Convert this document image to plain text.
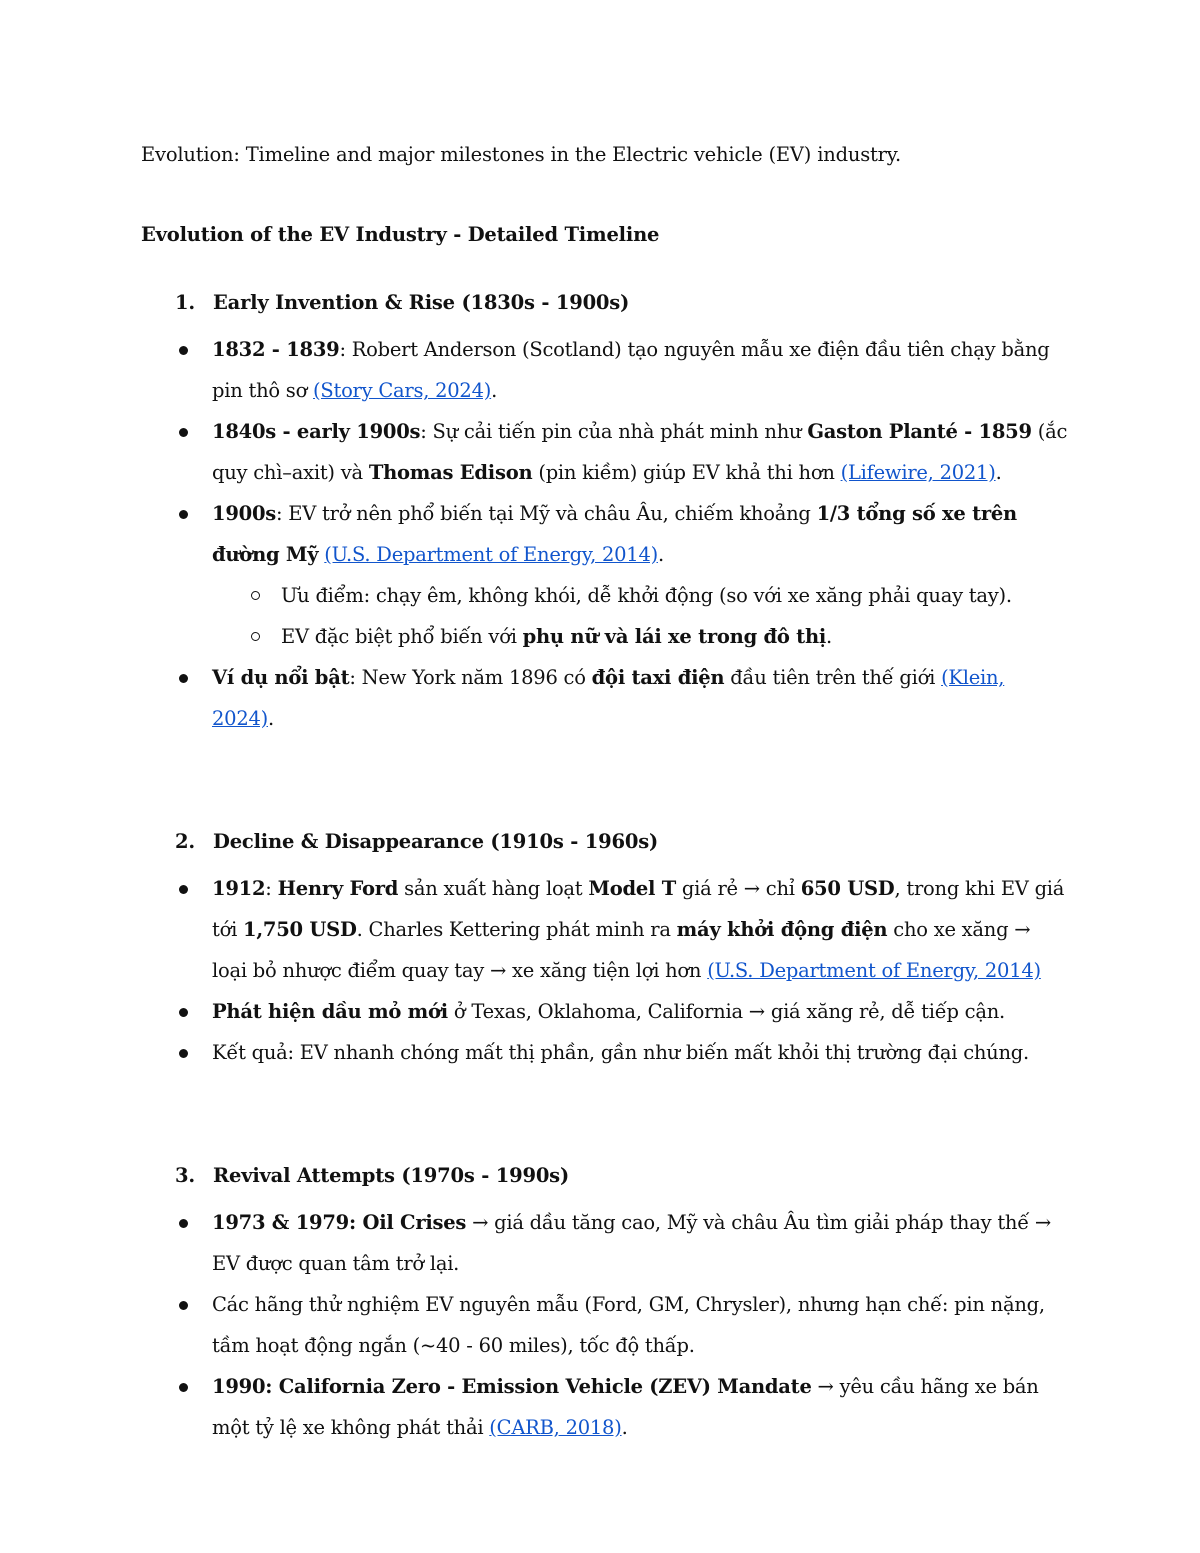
Evolution: Timeline and major milestones in the Electric vehicle (EV) industry.

Evolution of the EV Industry - Detailed Timeline

1. Early Invention & Rise (1830s - 1900s)
1832 - 1839: Robert Anderson (Scotland) tạo nguyên mẫu xe điện đầu tiên chạy bằng pin thô sơ (Story Cars, 2024).
1840s - early 1900s: Sự cải tiến pin của nhà phát minh như Gaston Planté - 1859 (ắc quy chì–axit) và Thomas Edison (pin kiềm) giúp EV khả thi hơn (Lifewire, 2021).
1900s: EV trở nên phổ biến tại Mỹ và châu Âu, chiếm khoảng 1/3 tổng số xe trên đường Mỹ (U.S. Department of Energy, 2014).
Ưu điểm: chạy êm, không khói, dễ khởi động (so với xe xăng phải quay tay).
EV đặc biệt phổ biến với phụ nữ và lái xe trong đô thị.
Ví dụ nổi bật: New York năm 1896 có đội taxi điện đầu tiên trên thế giới (Klein, 2024).
2. Decline & Disappearance (1910s - 1960s)
1912: Henry Ford sản xuất hàng loạt Model T giá rẻ → chỉ 650 USD, trong khi EV giá tới 1,750 USD. Charles Kettering phát minh ra máy khởi động điện cho xe xăng → loại bỏ nhược điểm quay tay → xe xăng tiện lợi hơn (U.S. Department of Energy, 2014)
Phát hiện dầu mỏ mới ở Texas, Oklahoma, California → giá xăng rẻ, dễ tiếp cận.
Kết quả: EV nhanh chóng mất thị phần, gần như biến mất khỏi thị trường đại chúng.
3. Revival Attempts (1970s - 1990s)
1973 & 1979: Oil Crises → giá dầu tăng cao, Mỹ và châu Âu tìm giải pháp thay thế → EV được quan tâm trở lại.
Các hãng thử nghiệm EV nguyên mẫu (Ford, GM, Chrysler), nhưng hạn chế: pin nặng, tầm hoạt động ngắn (~40 - 60 miles), tốc độ thấp.
1990: California Zero - Emission Vehicle (ZEV) Mandate → yêu cầu hãng xe bán một tỷ lệ xe không phát thải (CARB, 2018).
